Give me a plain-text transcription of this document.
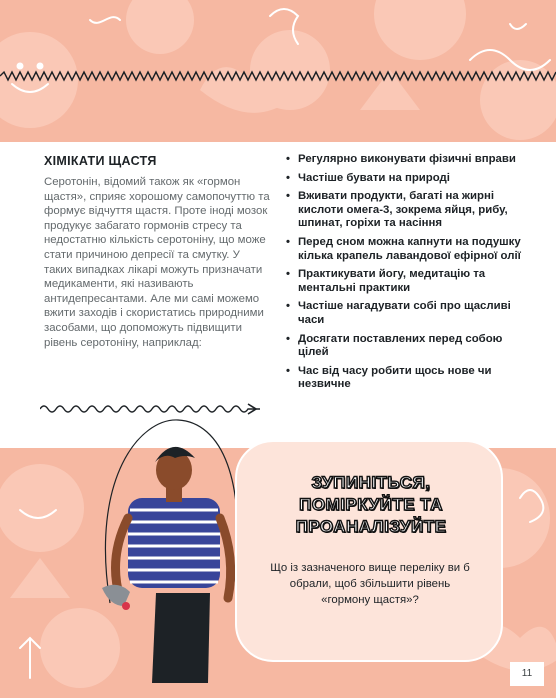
ХІМІКАТИ ЩАСТЯ
Серотонін, відомий також як «гормон щастя», сприяє хорошому самопочуттю та формує відчуття щастя. Проте іноді мозок продукує забагато гормонів стресу та недостатню кількість серотоніну, що може стати причиною депресії та смутку. У таких випадках лікарі можуть призначати медикаменти, які називають антидепресантами. Але ми самі можемо вжити заходів і скористатись природними засобами, що допоможуть підвищити рівень серотоніну, наприклад:
• Регулярно виконувати фізичні вправи
• Частіше бувати на природі
• Вживати продукти, багаті на жирні кислоти омега-3, зокрема яйця, рибу, шпинат, горіхи та насіння
• Перед сном можна капнути на подушку кілька крапель лавандової ефірної олії
• Практикувати йогу, медитацію та ментальні практики
• Частіше нагадувати собі про щасливі часи
• Досягати поставлених перед собою цілей
• Час від часу робити щось нове чи незвичне
ЗУПИНІТЬСЯ,
ПОМІРКУЙТЕ ТА
ПРОАНАЛІЗУЙТЕ
Що із зазначеного вище переліку ви б обрали, щоб збільшити рівень «гормону щастя»?
11
